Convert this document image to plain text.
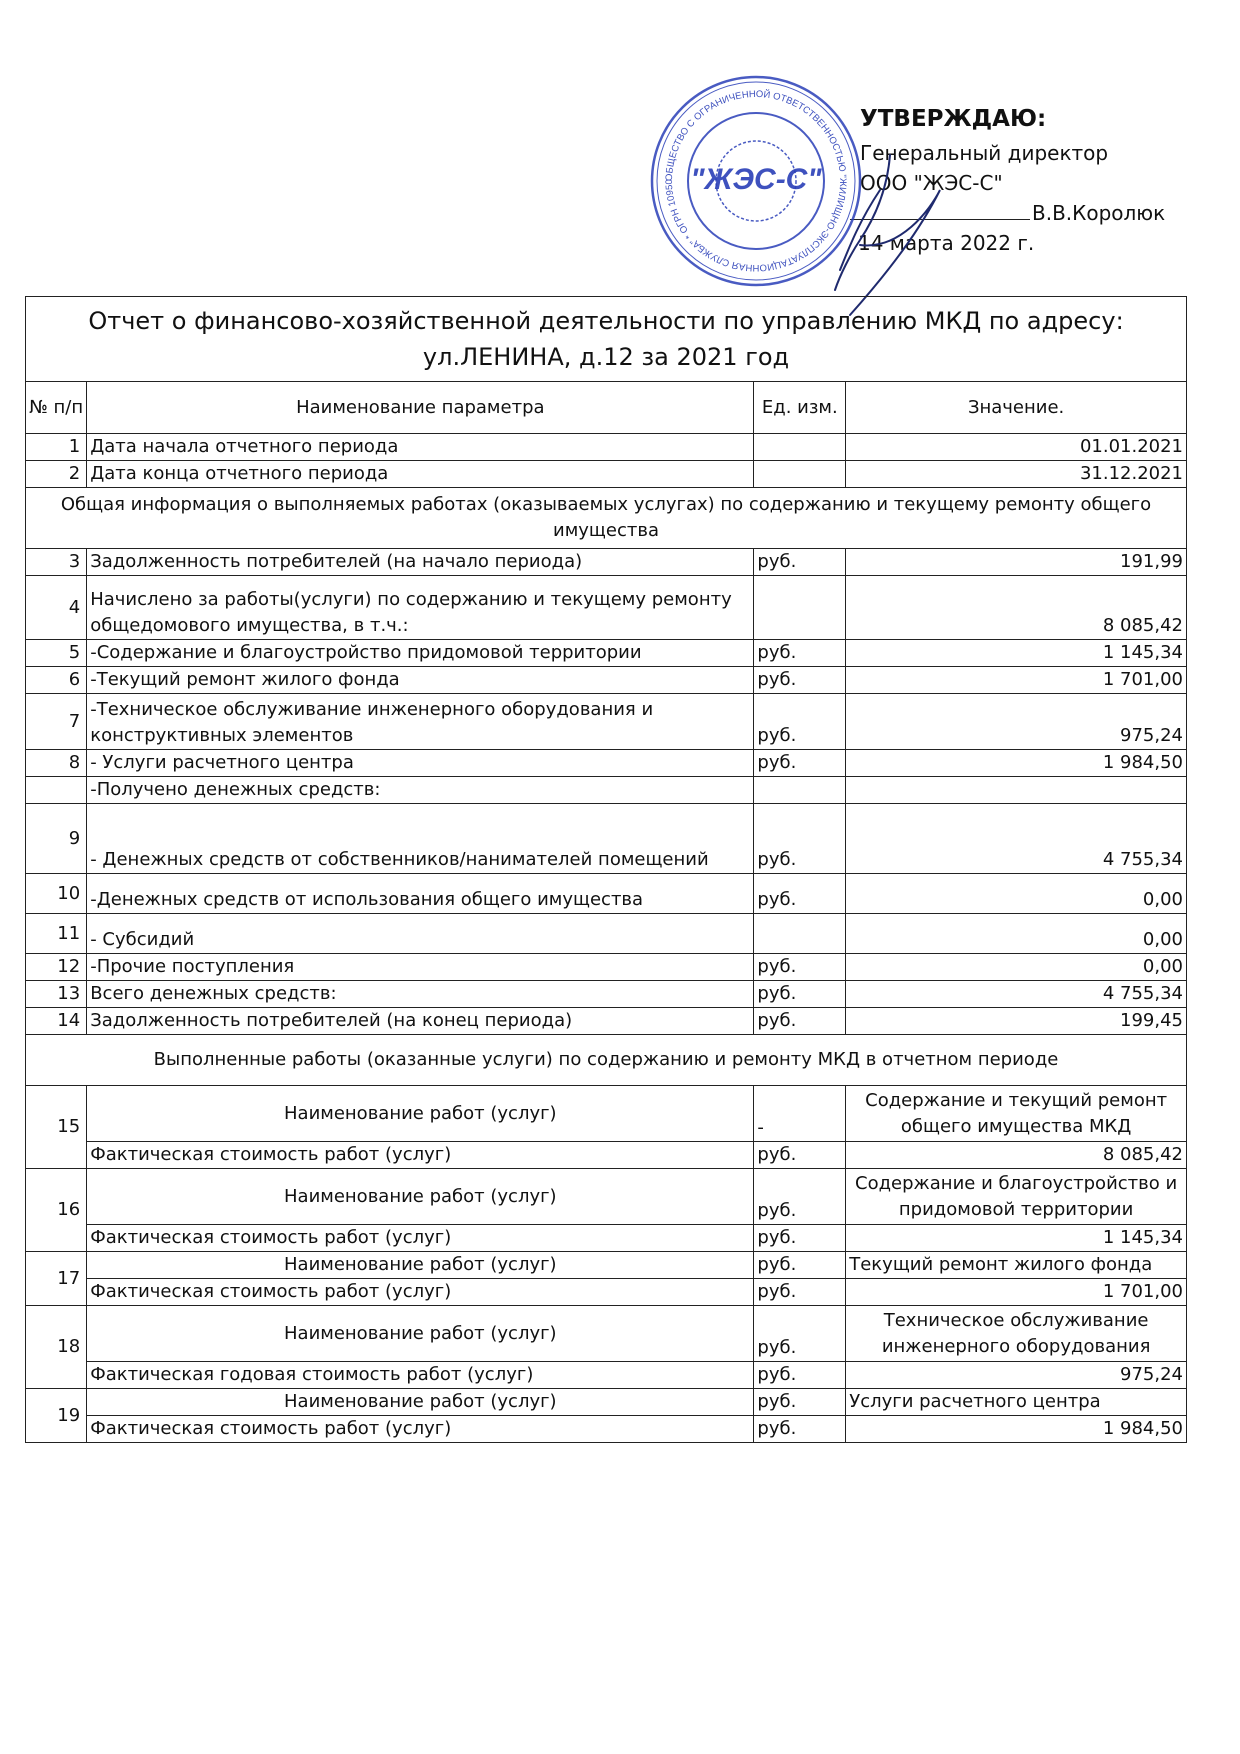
УТВЕРЖДАЮ:
Генеральный директор
ООО "ЖЭС-С"
В.В.Королюк
14 марта 2022 г.
ОБЩЕСТВО С ОГРАНИЧЕННОЙ ОТВЕТСТВЕННОСТЬЮ "ЖИЛИЩНО-ЭКСПЛУАТАЦИОННАЯ СЛУЖБА" * ОГРН 10950 "ЖЭС-С"
Отчет о финансово-хозяйственной деятельности по управлению МКД по адресу:
ул.ЛЕНИНА, д.12 за 2021 год			

№ п/п	Наименование параметра	Ед. изм.	Значение.
1	Дата начала отчетного периода		01.01.2021
2	Дата конца отчетного периода		31.12.2021
Общая информация о выполняемых работах (оказываемых услугах) по содержанию и текущему ремонту общего имущества			
3	Задолженность потребителей (на начало периода)	руб.	191,99
4	Начислено за работы(услуги) по содержанию и текущему ремонту общедомового имущества, в т.ч.:		8 085,42
5	-Содержание и благоустройство придомовой территории	руб.	1 145,34
6	-Текущий ремонт жилого фонда	руб.	1 701,00
7	-Техническое обслуживание инженерного оборудования и конструктивных элементов	руб.	975,24
8	- Услуги расчетного центра	руб.	1 984,50
	-Получено денежных средств:		
9	- Денежных средств от собственников/нанимателей помещений	руб.	4 755,34
10	-Денежных средств от использования общего имущества	руб.	0,00
11	- Субсидий		0,00
12	-Прочие поступления	руб.	0,00
13	Всего денежных средств:	руб.	4 755,34
14	Задолженность потребителей (на конец периода)	руб.	199,45
Выполненные работы (оказанные услуги) по содержанию и ремонту МКД в отчетном периоде			
15	Наименование работ (услуг)	-	Содержание и текущий ремонт общего имущества МКД
	Фактическая стоимость работ (услуг)	руб.	8 085,42
16	Наименование работ (услуг)	руб.	Содержание и благоустройство и придомовой территории
	Фактическая стоимость работ (услуг)	руб.	1 145,34
17	Наименование работ (услуг)	руб.	Текущий ремонт жилого фонда
	Фактическая стоимость работ (услуг)	руб.	1 701,00
18	Наименование работ (услуг)	руб.	Техническое обслуживание инженерного оборудования
	Фактическая годовая стоимость работ (услуг)	руб.	975,24
19	Наименование работ (услуг)	руб.	Услуги расчетного центра
	Фактическая стоимость работ (услуг)	руб.	1 984,50
